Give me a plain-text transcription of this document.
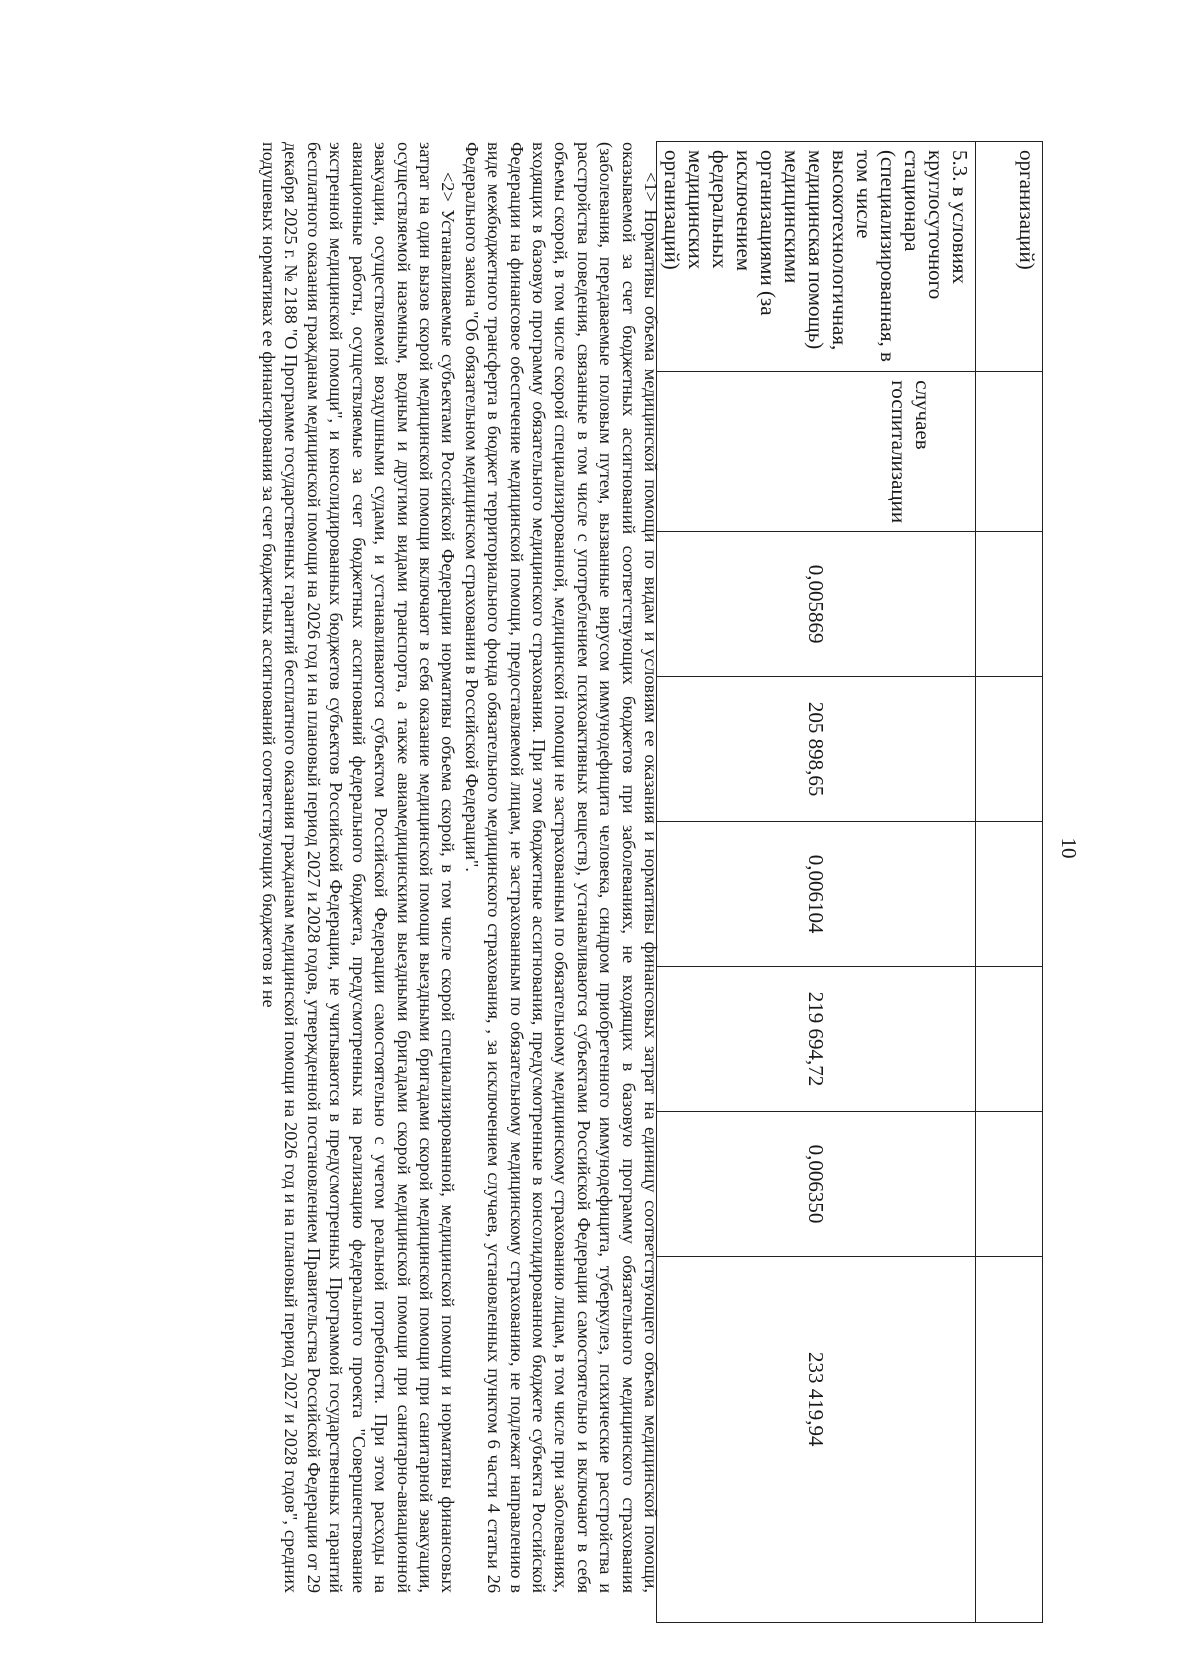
10
организаций)							
5.3. в условиях круглосуточного стационара (специализированная, в том числе высокотехнологичная, медицинская помощь) медицинскими организациями (за исключением федеральных медицинских организаций)	случаев госпитализации	0,005869	205 898,65	0,006104	219 694,72	0,006350	233 419,94

<1> Нормативы объема медицинской помощи по видам и условиям ее оказания и нормативы финансовых затрат на единицу соответствующего объема медицинской помощи, оказываемой за счет бюджетных ассигнований соответствующих бюджетов при заболеваниях, не входящих в базовую программу обязательного медицинского страхования (заболевания, передаваемые половым путем, вызванные вирусом иммунодефицита человека, синдром приобретенного иммунодефицита, туберкулез, психические расстройства и расстройства поведения, связанные в том числе с употреблением психоактивных веществ), устанавливаются субъектами Российской Федерации самостоятельно и включают в себя объемы скорой, в том числе скорой специализированной, медицинской помощи не застрахованным по обязательному медицинскому страхованию лицам, в том числе при заболеваниях, входящих в базовую программу обязательного медицинского страхования. При этом бюджетные ассигнования, предусмотренные в консолидированном бюджете субъекта Российской Федерации на финансовое обеспечение медицинской помощи, предоставляемой лицам, не застрахованным по обязательному медицинскому страхованию, не подлежат направлению в виде межбюджетного трансферта в бюджет территориального фонда обязательного медицинского страхования, , за исключением случаев, установленных пунктом 6 части 4 статьи 26 Федерального закона "Об обязательном медицинском страховании в Российской Федерации".

<2> Устанавливаемые субъектами Российской Федерации нормативы объема скорой, в том числе скорой специализированной, медицинской помощи и нормативы финансовых затрат на один вызов скорой медицинской помощи включают в себя оказание медицинской помощи выездными бригадами скорой медицинской помощи при санитарной эвакуации, осуществляемой наземным, водным и другими видами транспорта, а также авиамедицинскими выездными бригадами скорой медицинской помощи при санитарно-авиационной эвакуации, осуществляемой воздушными судами, и устанавливаются субъектом Российской Федерации самостоятельно с учетом реальной потребности. При этом расходы на авиационные работы, осуществляемые за счет бюджетных ассигнований федерального бюджета, предусмотренных на реализацию федерального проекта "Совершенствование экстренной медицинской помощи", и консолидированных бюджетов субъектов Российской Федерации, не учитываются в предусмотренных Программой государственных гарантий бесплатного оказания гражданам медицинской помощи на 2026 год и на плановый период 2027 и 2028 годов, утвержденной постановлением Правительства Российской Федерации от 29 декабря 2025 г. № 2188 "О Программе государственных гарантий бесплатного оказания гражданам медицинской помощи на 2026 год и на плановый период 2027 и 2028 годов", средних подушевых нормативах ее финансирования за счет бюджетных ассигнований соответствующих бюджетов и не
